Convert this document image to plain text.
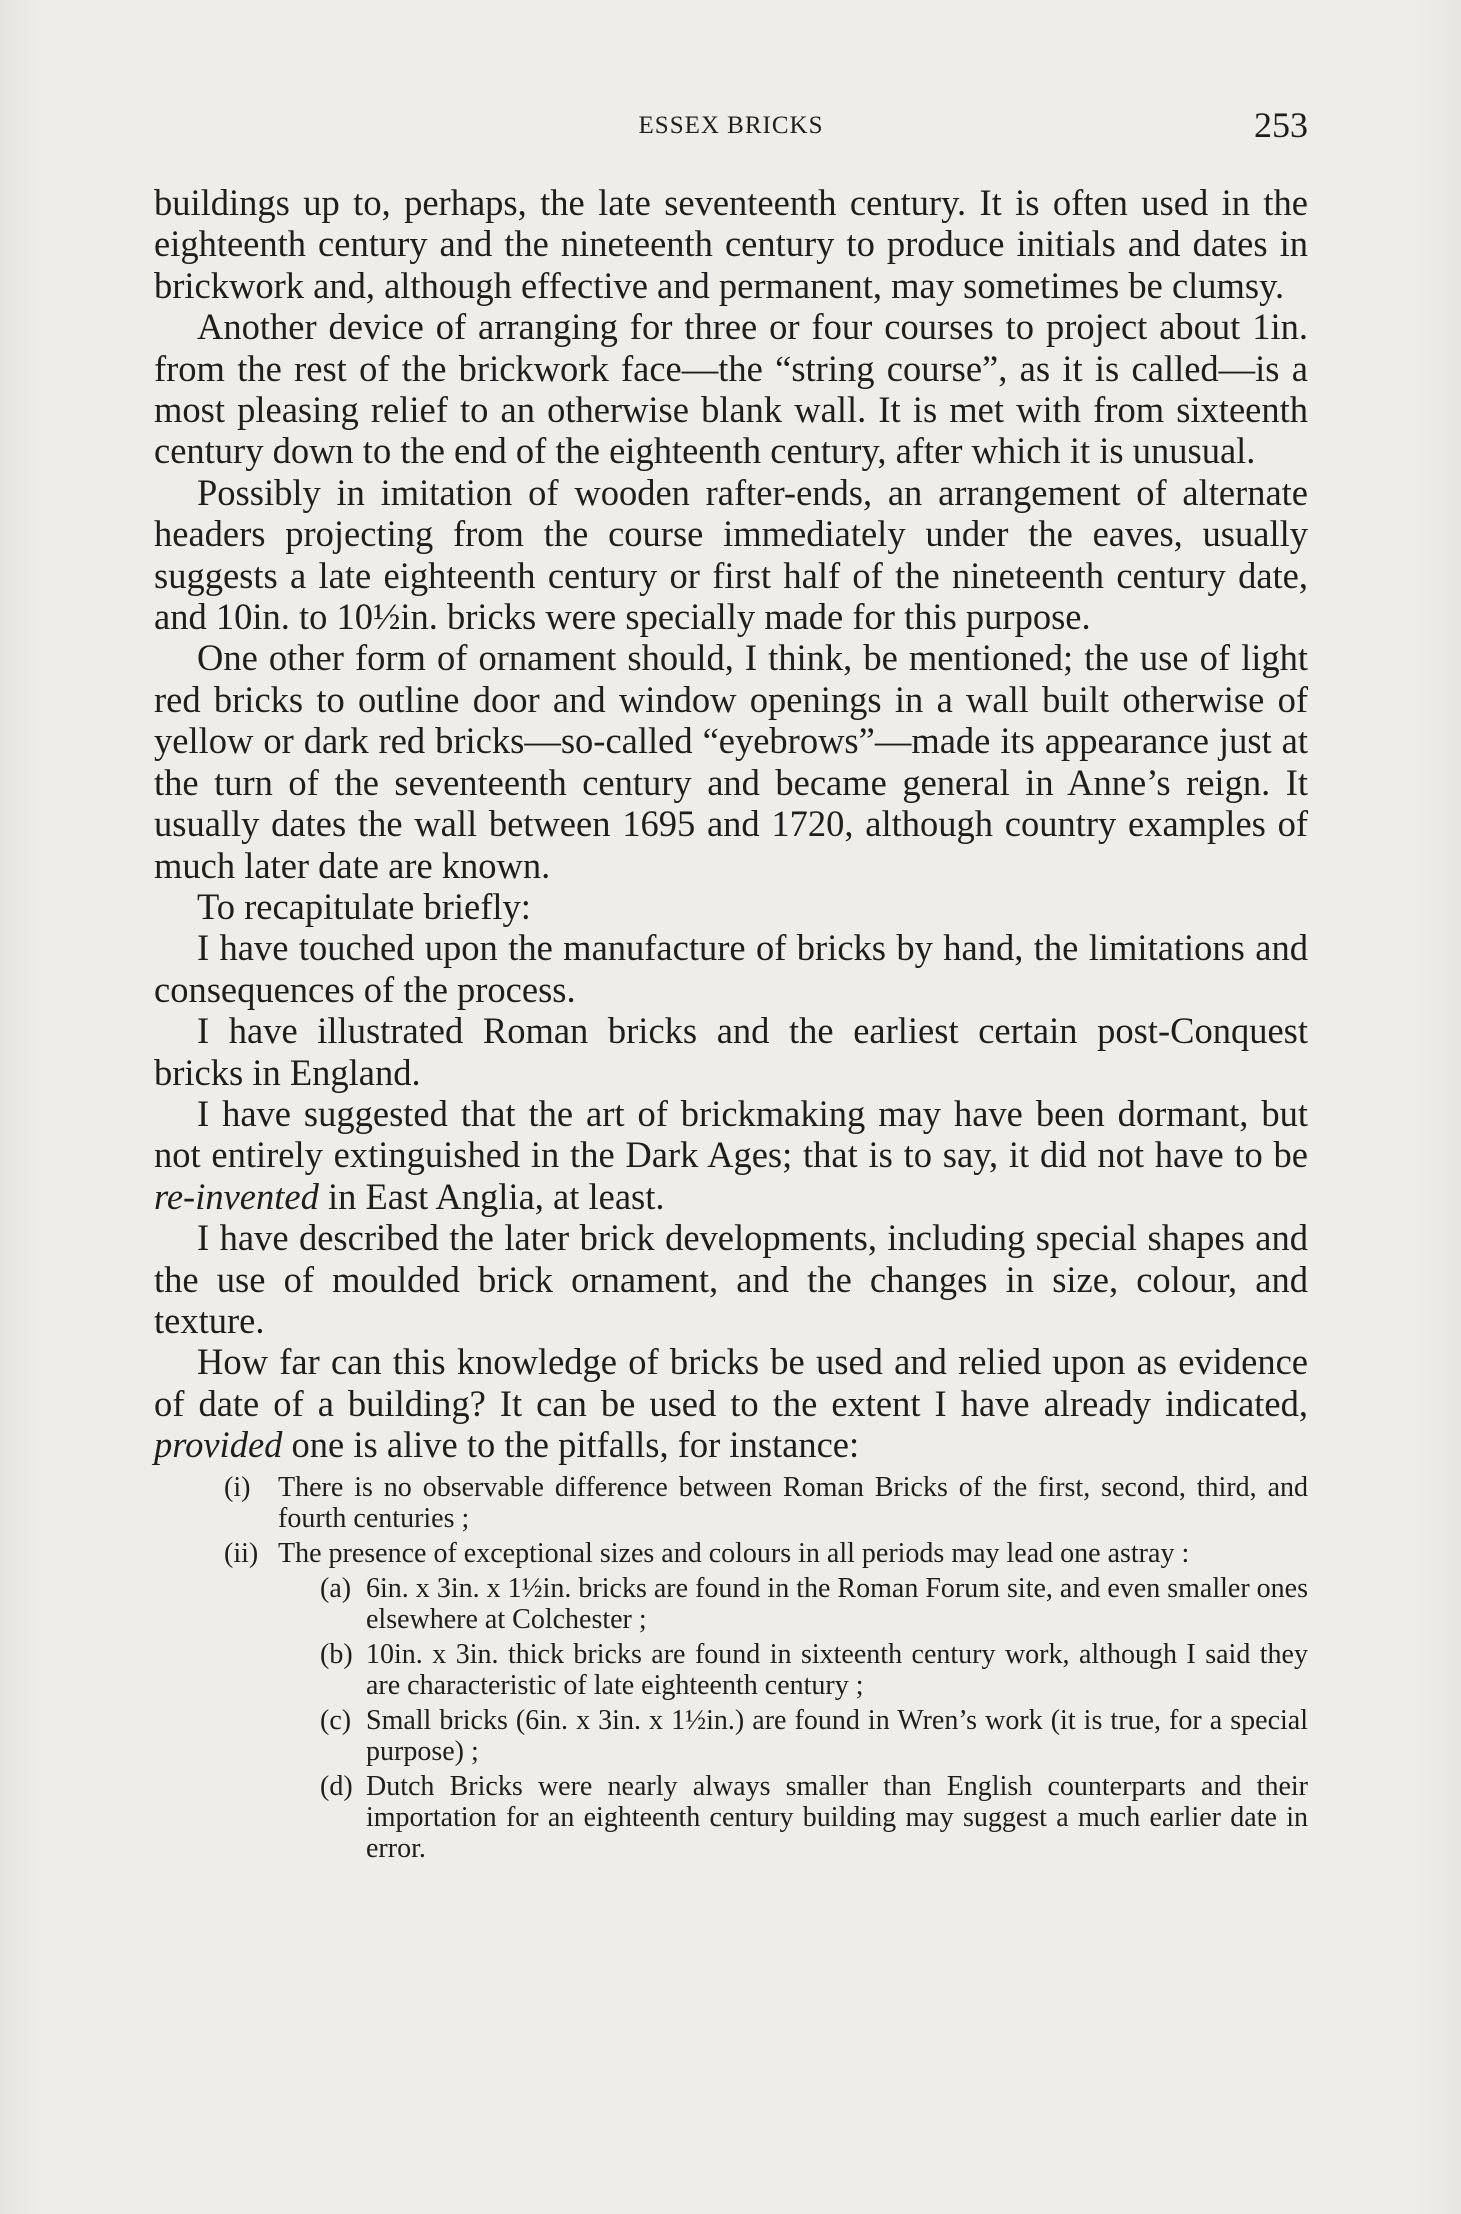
ESSEX BRICKS	253

buildings up to, perhaps, the late seventeenth century. It is often used in the eighteenth century and the nineteenth century to produce initials and dates in brickwork and, although effective and permanent, may sometimes be clumsy.

Another device of arranging for three or four courses to project about 1in. from the rest of the brickwork face—the “string course”, as it is called—is a most pleasing relief to an otherwise blank wall. It is met with from sixteenth century down to the end of the eighteenth century, after which it is unusual.

Possibly in imitation of wooden rafter-ends, an arrangement of alternate headers projecting from the course immediately under the eaves, usually suggests a late eighteenth century or first half of the nineteenth century date, and 10in. to 10½in. bricks were specially made for this purpose.

One other form of ornament should, I think, be mentioned; the use of light red bricks to outline door and window openings in a wall built otherwise of yellow or dark red bricks—so-called “eyebrows”—made its appearance just at the turn of the seventeenth century and became general in Anne’s reign. It usually dates the wall between 1695 and 1720, although country examples of much later date are known.

To recapitulate briefly:

I have touched upon the manufacture of bricks by hand, the limitations and consequences of the process.

I have illustrated Roman bricks and the earliest certain post-Conquest bricks in England.

I have suggested that the art of brickmaking may have been dormant, but not entirely extinguished in the Dark Ages; that is to say, it did not have to be re-invented in East Anglia, at least.

I have described the later brick developments, including special shapes and the use of moulded brick ornament, and the changes in size, colour, and texture.

How far can this knowledge of bricks be used and relied upon as evidence of date of a building? It can be used to the extent I have already indicated, provided one is alive to the pitfalls, for instance:

(i) There is no observable difference between Roman Bricks of the first, second, third, and fourth centuries ;
(ii) The presence of exceptional sizes and colours in all periods may lead one astray :
(a) 6in. x 3in. x 1½in. bricks are found in the Roman Forum site, and even smaller ones elsewhere at Colchester ;
(b) 10in. x 3in. thick bricks are found in sixteenth century work, although I said they are characteristic of late eighteenth century ;
(c) Small bricks (6in. x 3in. x 1½in.) are found in Wren’s work (it is true, for a special purpose) ;
(d) Dutch Bricks were nearly always smaller than English counterparts and their importation for an eighteenth century building may suggest a much earlier date in error.
